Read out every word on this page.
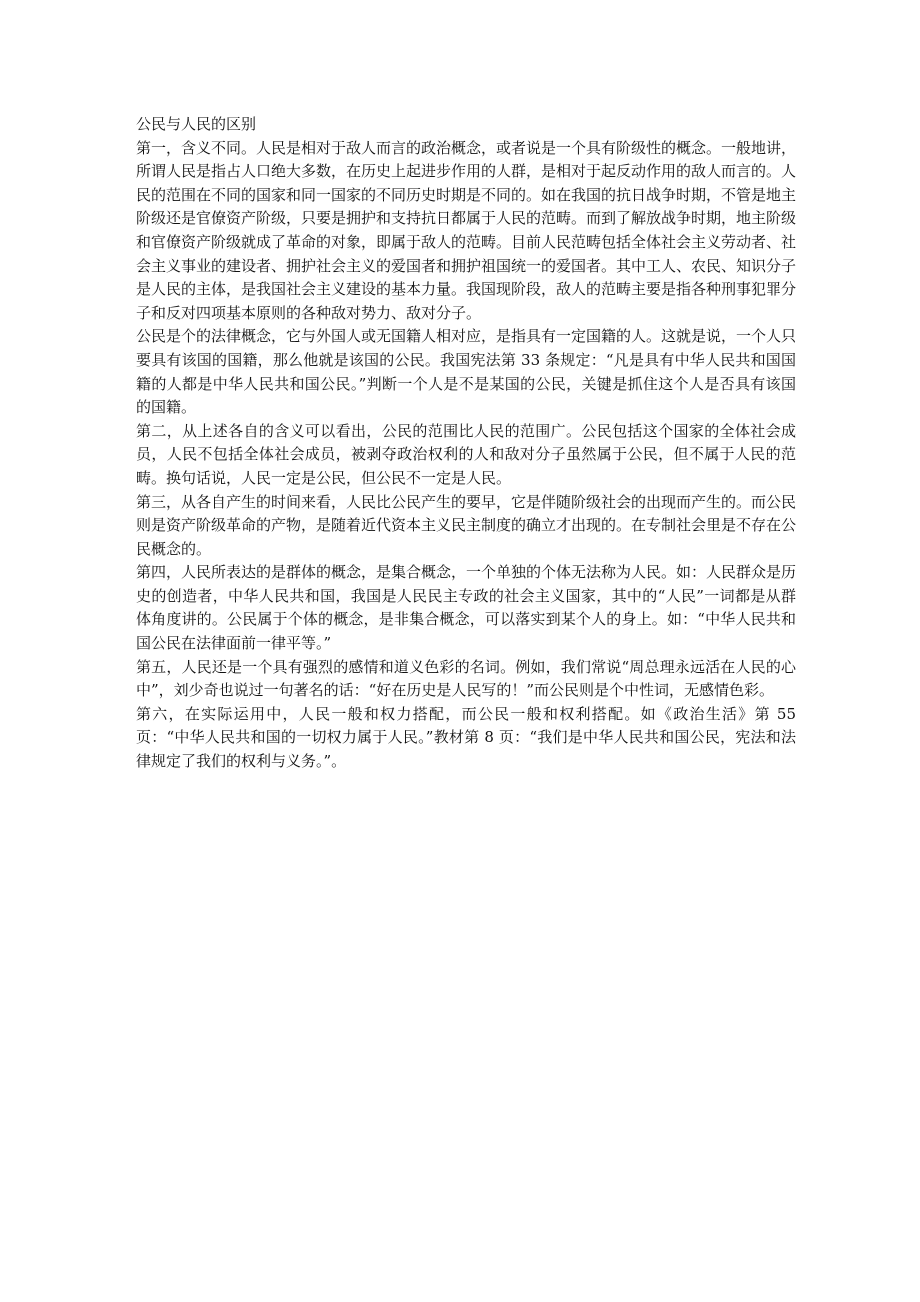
公民与人民的区别

第一，含义不同。人民是相对于敌人而言的政治概念，或者说是一个具有阶级性的概念。一般地讲，所谓人民是指占人口绝大多数，在历史上起进步作用的人群，是相对于起反动作用的敌人而言的。人民的范围在不同的国家和同一国家的不同历史时期是不同的。如在我国的抗日战争时期，不管是地主阶级还是官僚资产阶级，只要是拥护和支持抗日都属于人民的范畴。而到了解放战争时期，地主阶级和官僚资产阶级就成了革命的对象，即属于敌人的范畴。目前人民范畴包括全体社会主义劳动者、社会主义事业的建设者、拥护社会主义的爱国者和拥护祖国统一的爱国者。其中工人、农民、知识分子是人民的主体，是我国社会主义建设的基本力量。我国现阶段，敌人的范畴主要是指各种刑事犯罪分子和反对四项基本原则的各种敌对势力、敌对分子。

公民是个的法律概念，它与外国人或无国籍人相对应，是指具有一定国籍的人。这就是说，一个人只要具有该国的国籍，那么他就是该国的公民。我国宪法第 33 条规定：“凡是具有中华人民共和国国籍的人都是中华人民共和国公民。”判断一个人是不是某国的公民，关键是抓住这个人是否具有该国的国籍。

第二，从上述各自的含义可以看出，公民的范围比人民的范围广。公民包括这个国家的全体社会成员，人民不包括全体社会成员，被剥夺政治权利的人和敌对分子虽然属于公民，但不属于人民的范畴。换句话说，人民一定是公民，但公民不一定是人民。

第三，从各自产生的时间来看，人民比公民产生的要早，它是伴随阶级社会的出现而产生的。而公民则是资产阶级革命的产物，是随着近代资本主义民主制度的确立才出现的。在专制社会里是不存在公民概念的。

第四，人民所表达的是群体的概念，是集合概念，一个单独的个体无法称为人民。如：人民群众是历史的创造者，中华人民共和国，我国是人民民主专政的社会主义国家，其中的“人民”一词都是从群体角度讲的。公民属于个体的概念，是非集合概念，可以落实到某个人的身上。如：“中华人民共和国公民在法律面前一律平等。”

第五，人民还是一个具有强烈的感情和道义色彩的名词。例如，我们常说“周总理永远活在人民的心中”，刘少奇也说过一句著名的话：“好在历史是人民写的！”而公民则是个中性词，无感情色彩。

第六，在实际运用中，人民一般和权力搭配，而公民一般和权利搭配。如《政治生活》第 55 页：“中华人民共和国的一切权力属于人民。”教材第 8 页：“我们是中华人民共和国公民，宪法和法律规定了我们的权利与义务。”。
